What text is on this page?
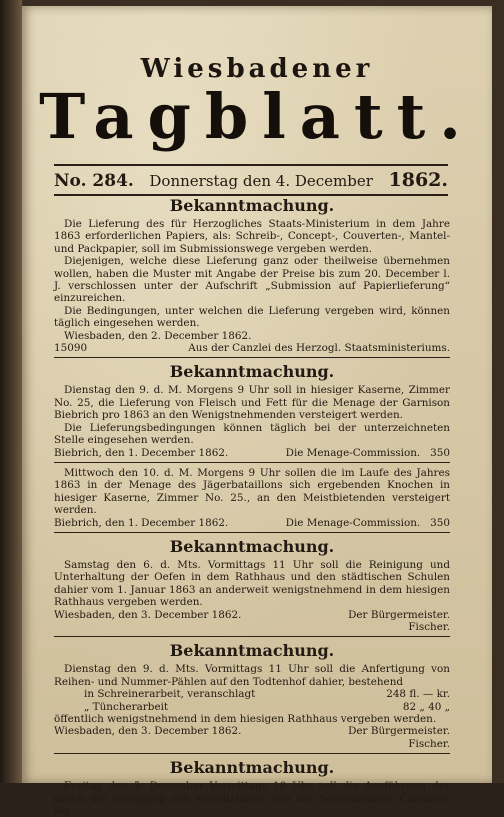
Wiesbadener
Tagblatt.
No. 284. Donnerstag den 4. December 1862.
Bekanntmachung.

Die Lieferung des für Herzogliches Staats-Ministerium in dem Jahre 1863 erforderlichen Papiers, als: Schreib-, Concept-, Couverten-, Mantel- und Packpapier, soll im Submissionswege vergeben werden.

Diejenigen, welche diese Lieferung ganz oder theilweise übernehmen wollen, haben die Muster mit Angabe der Preise bis zum 20. December l. J. verschlossen unter der Aufschrift „Submission auf Papierlieferung“ einzureichen.

Die Bedingungen, unter welchen die Lieferung vergeben wird, können täglich eingesehen werden.

Wiesbaden, den 2. December 1862.

15090	Aus der Canzlei des Herzogl. Staatsministeriums.
Bekanntmachung.

Dienstag den 9. d. M. Morgens 9 Uhr soll in hiesiger Kaserne, Zimmer No. 25, die Lieferung von Fleisch und Fett für die Menage der Garnison Biebrich pro 1863 an den Wenigstnehmenden versteigert werden.

Die Lieferungsbedingungen können täglich bei der unterzeichneten Stelle eingesehen werden.

Biebrich, den 1. December 1862.	Die Menage-Commission. 350

Mittwoch den 10. d. M. Morgens 9 Uhr sollen die im Laufe des Jahres 1863 in der Menage des Jägerbataillons sich ergebenden Knochen in hiesiger Kaserne, Zimmer No. 25., an den Meistbietenden versteigert werden.

Biebrich, den 1. December 1862.	Die Menage-Commission. 350
Bekanntmachung.

Samstag den 6. d. Mts. Vormittags 11 Uhr soll die Reinigung und Unterhaltung der Oefen in dem Rathhaus und den städtischen Schulen dahier vom 1. Januar 1863 an anderweit wenigstnehmend in dem hiesigen Rathhaus vergeben werden.

Wiesbaden, den 3. December 1862.	Der Bürgermeister.

Fischer.

Bekanntmachung.

Dienstag den 9. d. Mts. Vormittags 11 Uhr soll die Anfertigung von Reihen- und Nummer-Pählen auf den Todtenhof dahier, bestehend

in Schreinerarbeit, veranschlagt	248 fl. — kr.
„ Tüncherarbeit	82 „ 40 „

öffentlich wenigstnehmend in dem hiesigen Rathhaus vergeben werden.

Wiesbaden, den 3. December 1862.	Der Bürgermeister.

Fischer.

Bekanntmachung.

Freitag den 5. December Vormittags 10 Uhr soll die Ausführung der durch die Verlegung des Wellritzbachs von der Schwalbacher Chaussee bis
